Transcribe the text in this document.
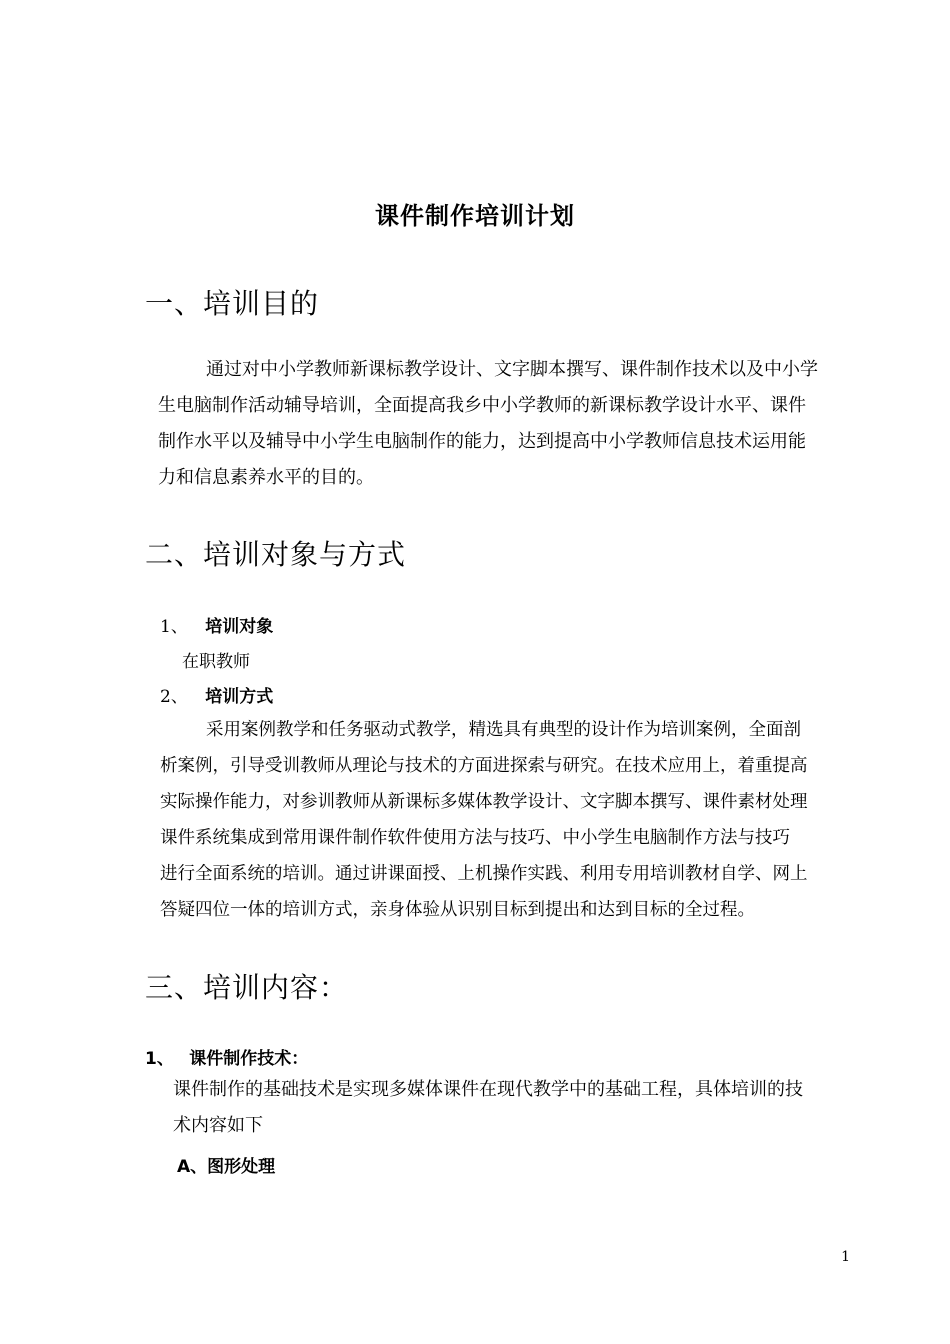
课件制作培训计划
一、培训目的
通过对中小学教师新课标教学设计、文字脚本撰写、课件制作技术以及中小学
生电脑制作活动辅导培训，全面提高我乡中小学教师的新课标教学设计水平、课件
制作水平以及辅导中小学生电脑制作的能力，达到提高中小学教师信息技术运用能
力和信息素养水平的目的。
二、培训对象与方式
1、 培训对象
在职教师
2、 培训方式
采用案例教学和任务驱动式教学，精选具有典型的设计作为培训案例，全面剖
析案例，引导受训教师从理论与技术的方面进探索与研究。在技术应用上，着重提高
实际操作能力，对参训教师从新课标多媒体教学设计、文字脚本撰写、课件素材处理
课件系统集成到常用课件制作软件使用方法与技巧、中小学生电脑制作方法与技巧
进行全面系统的培训。通过讲课面授、上机操作实践、利用专用培训教材自学、网上
答疑四位一体的培训方式，亲身体验从识别目标到提出和达到目标的全过程。
三、培训内容：
1、 课件制作技术：
课件制作的基础技术是实现多媒体课件在现代教学中的基础工程，具体培训的技
术内容如下
A、图形处理
1
